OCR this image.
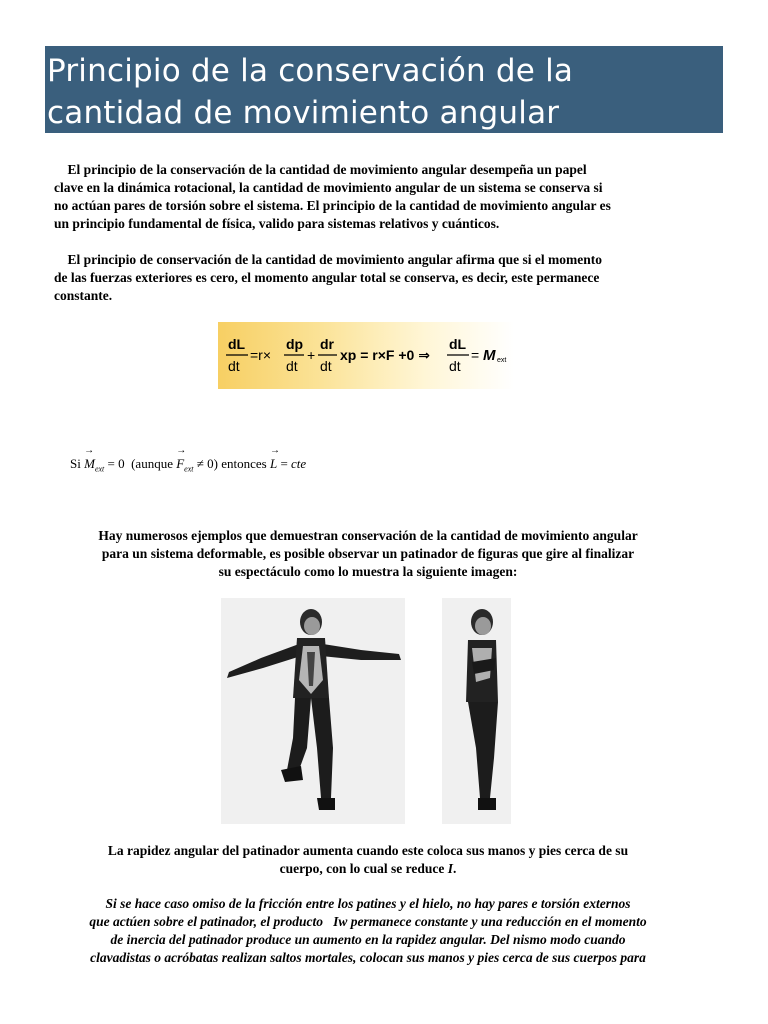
Principio de la conservación de la
cantidad de movimiento angular

El principio de la conservación de la cantidad de movimiento angular desempeña un papel
clave en la dinámica rotacional, la cantidad de movimiento angular de un sistema se conserva si
no actúan pares de torsión sobre el sistema. El principio de la cantidad de movimiento angular es
un principio fundamental de física, valido para sistemas relativos y cuánticos.

El principio de conservación de la cantidad de movimiento angular afirma que si el momento
de las fuerzas exteriores es cero, el momento angular total se conserva, es decir, este permanece
constante.

dL
dt
=r×
dp
dt
+
dr
dt
xp = r×F +0 ⇒
dL
dt
= M ext
Si
→
$M_{ext} = 0$  (aunque
→
$F_{ext} \ne 0$) entonces
→
L = cte

Hay numerosos ejemplos que demuestran conservación de la cantidad de movimiento angular
para un sistema deformable, es posible observar un patinador de figuras que gire al finalizar
su espectáculo como lo muestra la siguiente imagen:

La rapidez angular del patinador aumenta cuando este coloca sus manos y pies cerca de su
cuerpo, con lo cual se reduce I.

Si se hace caso omiso de la fricción entre los patines y el hielo, no hay pares e torsión externos
que actúen sobre el patinador, el producto   Iw permanece constante y una reducción en el momento
de inercia del patinador produce un aumento en la rapidez angular. Del nismo modo cuando
clavadistas o acróbatas realizan saltos mortales, colocan sus manos y pies cerca de sus cuerpos para
